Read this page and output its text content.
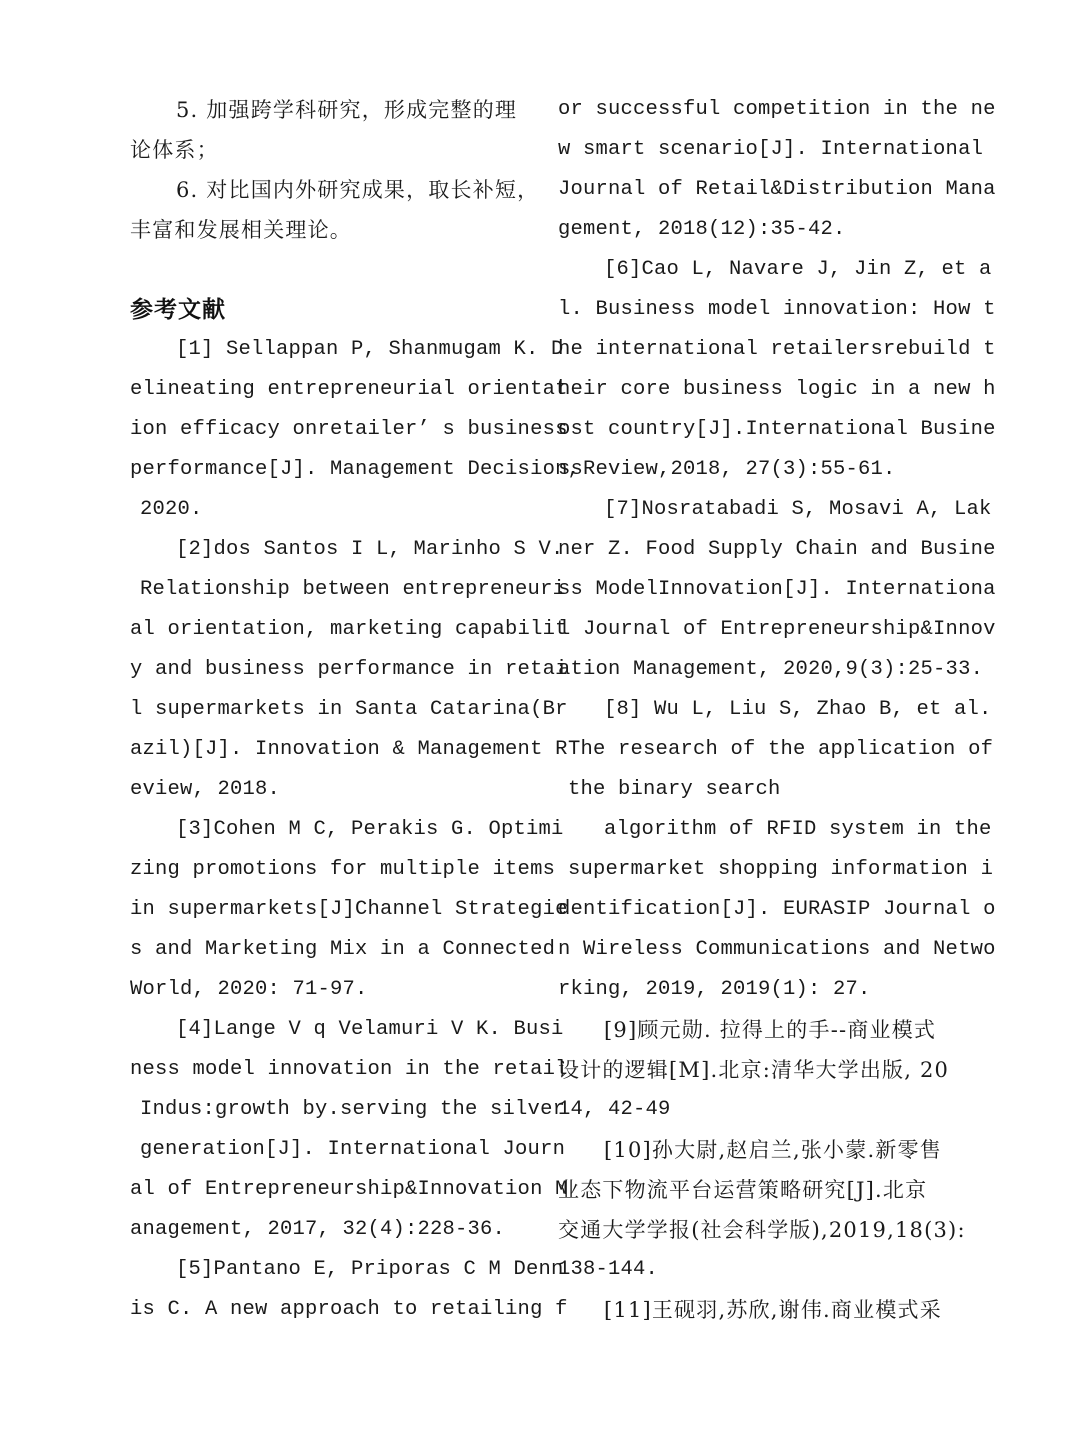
5. 加强跨学科研究，形成完整的理
论体系；
6. 对比国内外研究成果，取长补短，
丰富和发展相关理论。
参考文献
[1] Sellappan P, Shanmugam K. D
elineating entrepreneurial orientat
ion efficacy onretailer’ s business
performance[J]. Management Decision,
2020.
[2]dos Santos I L, Marinho S V.
Relationship between entrepreneuri
al orientation, marketing capabilit
y and business performance in retai
l supermarkets in Santa Catarina(Br
azil)[J]. Innovation & Management R
eview, 2018.
[3]Cohen M C, Perakis G. Optimi
zing promotions for multiple items
in supermarkets[J]Channel Strategie
s and Marketing Mix in a Connected
World, 2020: 71-97.
[4]Lange V q Velamuri V K. Busi
ness model innovation in the retail
Indus:growth by.serving the silver
generation[J]. International Journ
al of Entrepreneurship&Innovation M
anagement, 2017, 32(4):228-36.
[5]Pantano E, Priporas C M Denn
is C. A new approach to retailing f
or successful competition in the ne
w smart scenario[J]. International
Journal of Retail&Distribution Mana
gement, 2018(12):35-42.
[6]Cao L, Navare J, Jin Z, et a
l. Business model innovation: How t
he international retailersrebuild t
heir core business logic in a new h
ost country[J].International Busine
ssReview,2018, 27(3):55-61.
[7]Nosratabadi S, Mosavi A, Lak
ner Z. Food Supply Chain and Busine
ss ModelInnovation[J]. Internationa
l Journal of Entrepreneurship&Innov
ation Management, 2020,9(3):25-33.
[8] Wu L, Liu S, Zhao B, et al.
The research of the application of
the binary search
algorithm of RFID system in the
supermarket shopping information i
dentification[J]. EURASIP Journal o
n Wireless Communications and Netwo
rking, 2019, 2019(1): 27.
[9]顾元勋. 拉得上的手--商业模式
设计的逻辑[M].北京:清华大学出版, 20
14, 42-49
[10]孙大尉,赵启兰,张小蒙.新零售
业态下物流平台运营策略研究[J].北京
交通大学学报(社会科学版),2019,18(3):
138-144.
[11]王砚羽,苏欣,谢伟.商业模式采
